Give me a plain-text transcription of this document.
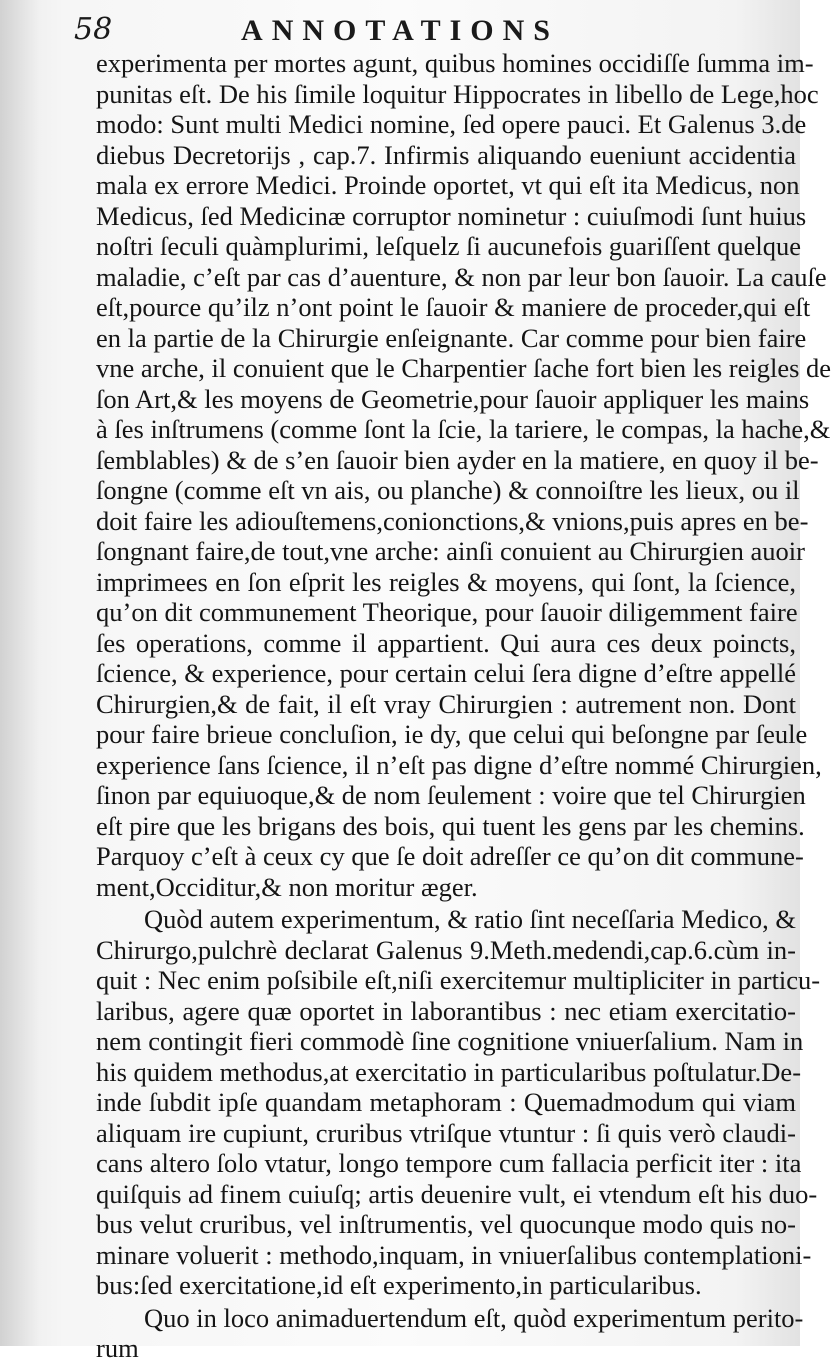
58	ANNOTATIONS
experimenta per mortes agunt, quibus homines occidiſſe ſumma im-
punitas eſt. De his ſimile loquitur Hippocrates in libello de Lege,hoc
modo: Sunt multi Medici nomine, ſed opere pauci. Et Galenus 3.de
diebus Decretorijs , cap.7. Infirmis aliquando eueniunt accidentia
mala ex errore Medici. Proinde oportet, vt qui eſt ita Medicus, non
Medicus, ſed Medicinæ corruptor nominetur : cuiuſmodi ſunt huius
noſtri ſeculi quàmplurimi, leſquelz ſi aucunefois guariſſent quelque
maladie, c’eſt par cas d’auenture, & non par leur bon ſauoir. La cauſe
eſt,pource qu’ilz n’ont point le ſauoir & maniere de proceder,qui eſt
en la partie de la Chirurgie enſeignante. Car comme pour bien faire
vne arche, il conuient que le Charpentier ſache fort bien les reigles de
ſon Art,& les moyens de Geometrie,pour ſauoir appliquer les mains
à ſes inſtrumens (comme ſont la ſcie, la tariere, le compas, la hache,&
ſemblables) & de s’en ſauoir bien ayder en la matiere, en quoy il be-
ſongne (comme eſt vn ais, ou planche) & connoiſtre les lieux, ou il
doit faire les adiouſtemens,conionctions,& vnions,puis apres en be-
ſongnant faire,de tout,vne arche: ainſi conuient au Chirurgien auoir
imprimees en ſon eſprit les reigles & moyens, qui ſont, la ſcience,
qu’on dit communement Theorique, pour ſauoir diligemment faire
ſes operations, comme il appartient. Qui aura ces deux poincts,
ſcience, & experience, pour certain celui ſera digne d’eſtre appellé
Chirurgien,& de fait, il eſt vray Chirurgien : autrement non. Dont
pour faire brieue concluſion, ie dy, que celui qui beſongne par ſeule
experience ſans ſcience, il n’eſt pas digne d’eſtre nommé Chirurgien,
ſinon par equiuoque,& de nom ſeulement : voire que tel Chirurgien
eſt pire que les brigans des bois, qui tuent les gens par les chemins.
Parquoy c’eſt à ceux cy que ſe doit adreſſer ce qu’on dit commune-
ment,Occiditur,& non moritur æger.
Quòd autem experimentum, & ratio ſint neceſſaria Medico, &
Chirurgo,pulchrè declarat Galenus 9.Meth.medendi,cap.6.cùm in-
quit : Nec enim poſsibile eſt,niſi exercitemur multipliciter in particu-
laribus, agere quæ oportet in laborantibus : nec etiam exercitatio-
nem contingit fieri commodè ſine cognitione vniuerſalium. Nam in
his quidem methodus,at exercitatio in particularibus poſtulatur.De-
inde ſubdit ipſe quandam metaphoram : Quemadmodum qui viam
aliquam ire cupiunt, cruribus vtriſque vtuntur : ſi quis verò claudi-
cans altero ſolo vtatur, longo tempore cum fallacia perficit iter : ita
quiſquis ad finem cuiuſq; artis deuenire vult, ei vtendum eſt his duo-
bus velut cruribus, vel inſtrumentis, vel quocunque modo quis no-
minare voluerit : methodo,inquam, in vniuerſalibus contemplationi-
bus:ſed exercitatione,id eſt experimento,in particularibus.
Quo in loco animaduertendum eſt, quòd experimentum perito-
rum
